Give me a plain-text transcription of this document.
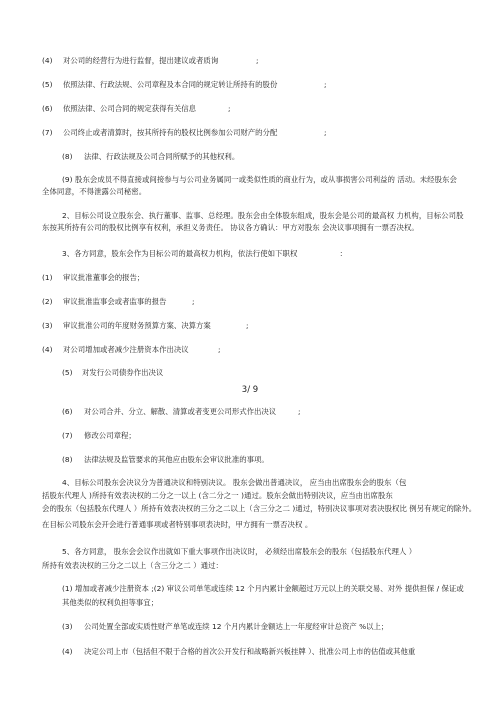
(4) 对公司的经营行为进行监督，提出建议或者质询	;
(5) 依照法律、行政法规、公司章程及本合同的规定转让所持有的股份	;
(6) 依照法律、公司合同的规定获得有关信息	;
(7) 公司终止或者清算时，按其所持有的股权比例参加公司财产的分配	;
(8) 法律、行政法规及公司合同所赋予的其他权利。
(9) 股东会成员不得直接或间接参与与公司业务属同一或类似性质的商业行为，或从事损害公司利益的 活动。未经股东会
全体同意，不得泄露公司秘密。
2、目标公司设立股东会、执行董事、监事、总经理。股东会由全体股东组成，股东会是公司的最高权 力机构，目标公司股
东按其所持有公司的股权比例享有权利，承担义务责任。 协议各方确认：甲方对股东 会决议事项拥有一票否决权。
3、各方同意，股东会作为目标公司的最高权力机构，依法行使如下职权	:
(1) 审议批准董事会的报告；
(2) 审议批准监事会或者监事的报告	;
(3) 审议批准公司的年度财务预算方案、决算方案	;
(4) 对公司增加或者减少注册资本作出决议	;
(5) 对发行公司债券作出决议
3/ 9
(6) 对公司合并、分立、解散、清算或者变更公司形式作出决议	;
(7) 修改公司章程；
(8) 法律法规及监管要求的其他应由股东会审议批准的事项。
4、目标公司股东会决议分为普通决议和特别决议。 股东会做出普通决议， 应当由出席股东会的股东（包
括股东代理人 )所持有效表决权的二分之一以上 (含二分之一 )通过。股东会做出特别决议，应当由出席股东
会的股东（包括股东代理人 ）所持有效表决权的三分之二以上（含三分之二 )通过，特别决议事项对表决股权比 例另有规定的除外。
在目标公司股东会开会进行普通事项或者特别事项表决时，甲方拥有一票否决权 。
5、各方同意， 股东会会议作出就如下重大事项作出决议时， 必须经出席股东会的股东（包括股东代理人 ）
所持有效表决权的三分之二以上（含三分之二 ）通过：
(1) 增加或者减少注册资本 ;(2) 审议公司单笔或连续 12 个月内累计金额超过万元以上的关联交易、对外 提供担保 / 保证或
其他类似的权利负担等事宜；
(3) 公司处置全部或实质性财产单笔或连续 12 个月内累计金额达上一年度经审计总资产 %以上；
(4) 决定公司上市（包括但不限于合格的首次公开发行和战略新兴板挂牌 ）、批准公司上市的估值或其他重
